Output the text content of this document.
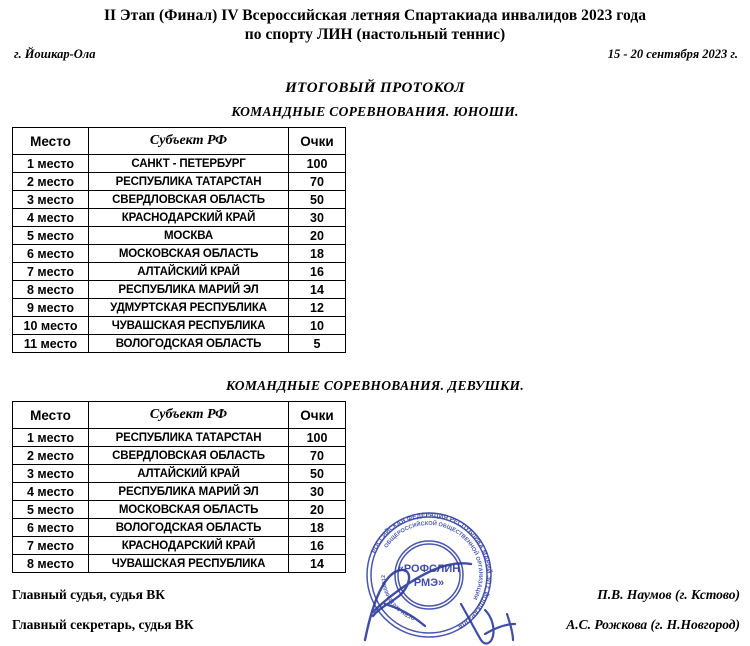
II Этап (Финал) IV Всероссийская летняя Спартакиада инвалидов 2023 года
по спорту ЛИН (настольный теннис)
г. Йошкар-Ола	15 - 20 сентября 2023 г.
ИТОГОВЫЙ ПРОТОКОЛ
КОМАНДНЫЕ СОРЕВНОВАНИЯ. ЮНОШИ.
Место	Субъект РФ	Очки
1 место	САНКТ - ПЕТЕРБУРГ	100
2 место	РЕСПУБЛИКА ТАТАРСТАН	70
3 место	СВЕРДЛОВСКАЯ ОБЛАСТЬ	50
4 место	КРАСНОДАРСКИЙ КРАЙ	30
5 место	МОСКВА	20
6 место	МОСКОВСКАЯ ОБЛАСТЬ	18
7 место	АЛТАЙСКИЙ КРАЙ	16
8 место	РЕСПУБЛИКА МАРИЙ ЭЛ	14
9 место	УДМУРТСКАЯ РЕСПУБЛИКА	12
10 место	ЧУВАШСКАЯ РЕСПУБЛИКА	10
11 место	ВОЛОГОДСКАЯ ОБЛАСТЬ	5
КОМАНДНЫЕ СОРЕВНОВАНИЯ. ДЕВУШКИ.
Место	Субъект РФ	Очки
1 место	РЕСПУБЛИКА ТАТАРСТАН	100
2 место	СВЕРДЛОВСКАЯ ОБЛАСТЬ	70
3 место	АЛТАЙСКИЙ КРАЙ	50
4 место	РЕСПУБЛИКА МАРИЙ ЭЛ	30
5 место	МОСКОВСКАЯ ОБЛАСТЬ	20
6 место	ВОЛОГОДСКАЯ ОБЛАСТЬ	18
7 место	КРАСНОДАРСКИЙ КРАЙ	16
8 место	ЧУВАШСКАЯ РЕСПУБЛИКА	14
РОССИЙСКАЯ ФЕДЕРАЦИЯ РЕСПУБЛИКА МАРИЙ ЭЛ г. ЙОШКАР-ОЛА
ОБЩЕРОССИЙСКОЙ ОБЩЕСТВЕННОЙ ОРГАНИЗАЦИИ
ОГРН 1201200008812
«РОФСЛИН
РМЭ»
Главный судья, судья ВК	П.В. Наумов (г. Кстово)
Главный секретарь, судья ВК	А.С. Рожкова (г. Н.Новгород)
